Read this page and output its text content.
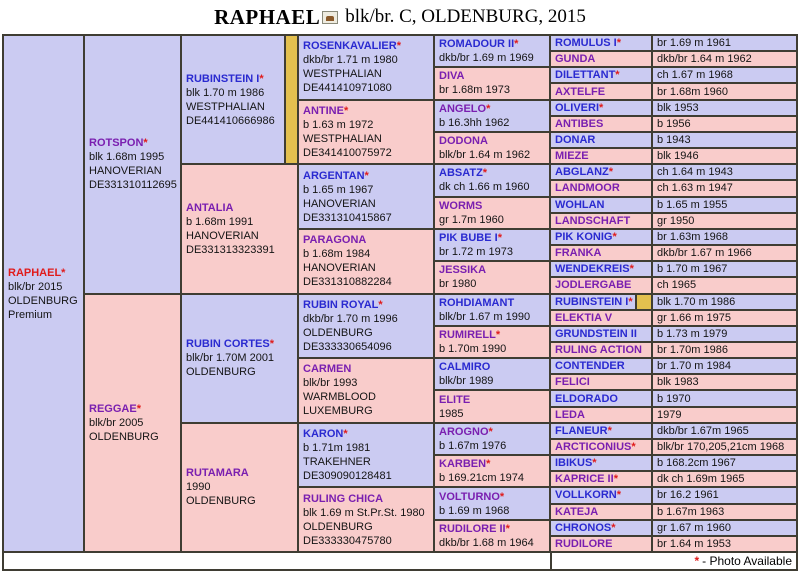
RAPHAEL blk/br. C, OLDENBURG, 2015
RAPHAEL*
blk/br 2015
OLDENBURG
Premium
ROTSPON*
blk 1.68m 1995
HANOVERIAN
DE331310112695
REGGAE*
blk/br 2005
OLDENBURG
RUBINSTEIN I*
blk 1.70 m 1986
WESTPHALIAN
DE441410666986
ANTALIA
b 1.68m 1991
HANOVERIAN
DE331313323391
RUBIN CORTES*
blk/br 1.70M 2001
OLDENBURG
RUTAMARA
1990
OLDENBURG
ROSENKAVALIER*
dkb/br 1.71 m 1980
WESTPHALIAN
DE441410971080
ANTINE*
b 1.63 m 1972
WESTPHALIAN
DE341410075972
ARGENTAN*
b 1.65 m 1967
HANOVERIAN
DE331310415867
PARAGONA
b 1.68m 1984
HANOVERIAN
DE331310882284
RUBIN ROYAL*
dkb/br 1.70 m 1996
OLDENBURG
DE333330654096
CARMEN
blk/br 1993
WARMBLOOD
LUXEMBURG
KARON*
b 1.71m 1981
TRAKEHNER
DE309090128481
RULING CHICA
blk 1.69 m St.Pr.St. 1980
OLDENBURG
DE333330475780
ROMADOUR II*
dkb/br 1.69 m 1969
DIVA
br 1.68m 1973
ANGELO*
b 16.3hh 1962
DODONA
blk/br 1.64 m 1962
ABSATZ*
dk ch 1.66 m 1960
WORMS
gr 1.7m 1960
PIK BUBE I*
br 1.72 m 1973
JESSIKA
br 1980
ROHDIAMANT
blk/br 1.67 m 1990
RUMIRELL*
b 1.70m 1990
CALMIRO
blk/br 1989
ELITE
1985
AROGNO*
b 1.67m 1976
KARBEN*
b 169.21cm 1974
VOLTURNO*
b 1.69 m 1968
RUDILORE II*
dkb/br 1.68 m 1964
ROMULUS I*	br 1.69 m 1961
GUNDA	dkb/br 1.64 m 1962
DILETTANT*	ch 1.67 m 1968
AXTELFE	br 1.68m 1960
OLIVERI*	blk 1953
ANTIBES	b 1956
DONAR	b 1943
MIEZE	blk 1946
ABGLANZ*	ch 1.64 m 1943
LANDMOOR	ch 1.63 m 1947
WOHLAN	b 1.65 m 1955
LANDSCHAFT	gr 1950
PIK KONIG*	br 1.63m 1968
FRANKA	dkb/br 1.67 m 1966
WENDEKREIS*	b 1.70 m 1967
JODLERGABE	ch 1965
RUBINSTEIN I*	blk 1.70 m 1986
ELEKTIA V	gr 1.66 m 1975
GRUNDSTEIN II	b 1.73 m 1979
RULING ACTION	br 1.70m 1986
CONTENDER	br 1.70 m 1984
FELICI	blk 1983
ELDORADO	b 1970
LEDA	1979
FLANEUR*	dkb/br 1.67m 1965
ARCTICONIUS*	blk/br 170,205,21cm 1968
IBIKUS*	b 168.2cm 1967
KAPRICE II*	dk ch 1.69m 1965
VOLLKORN*	br 16.2 1961
KATEJA	b 1.67m 1963
CHRONOS*	gr 1.67 m 1960
RUDILORE	br 1.64 m 1953
* - Photo Available
